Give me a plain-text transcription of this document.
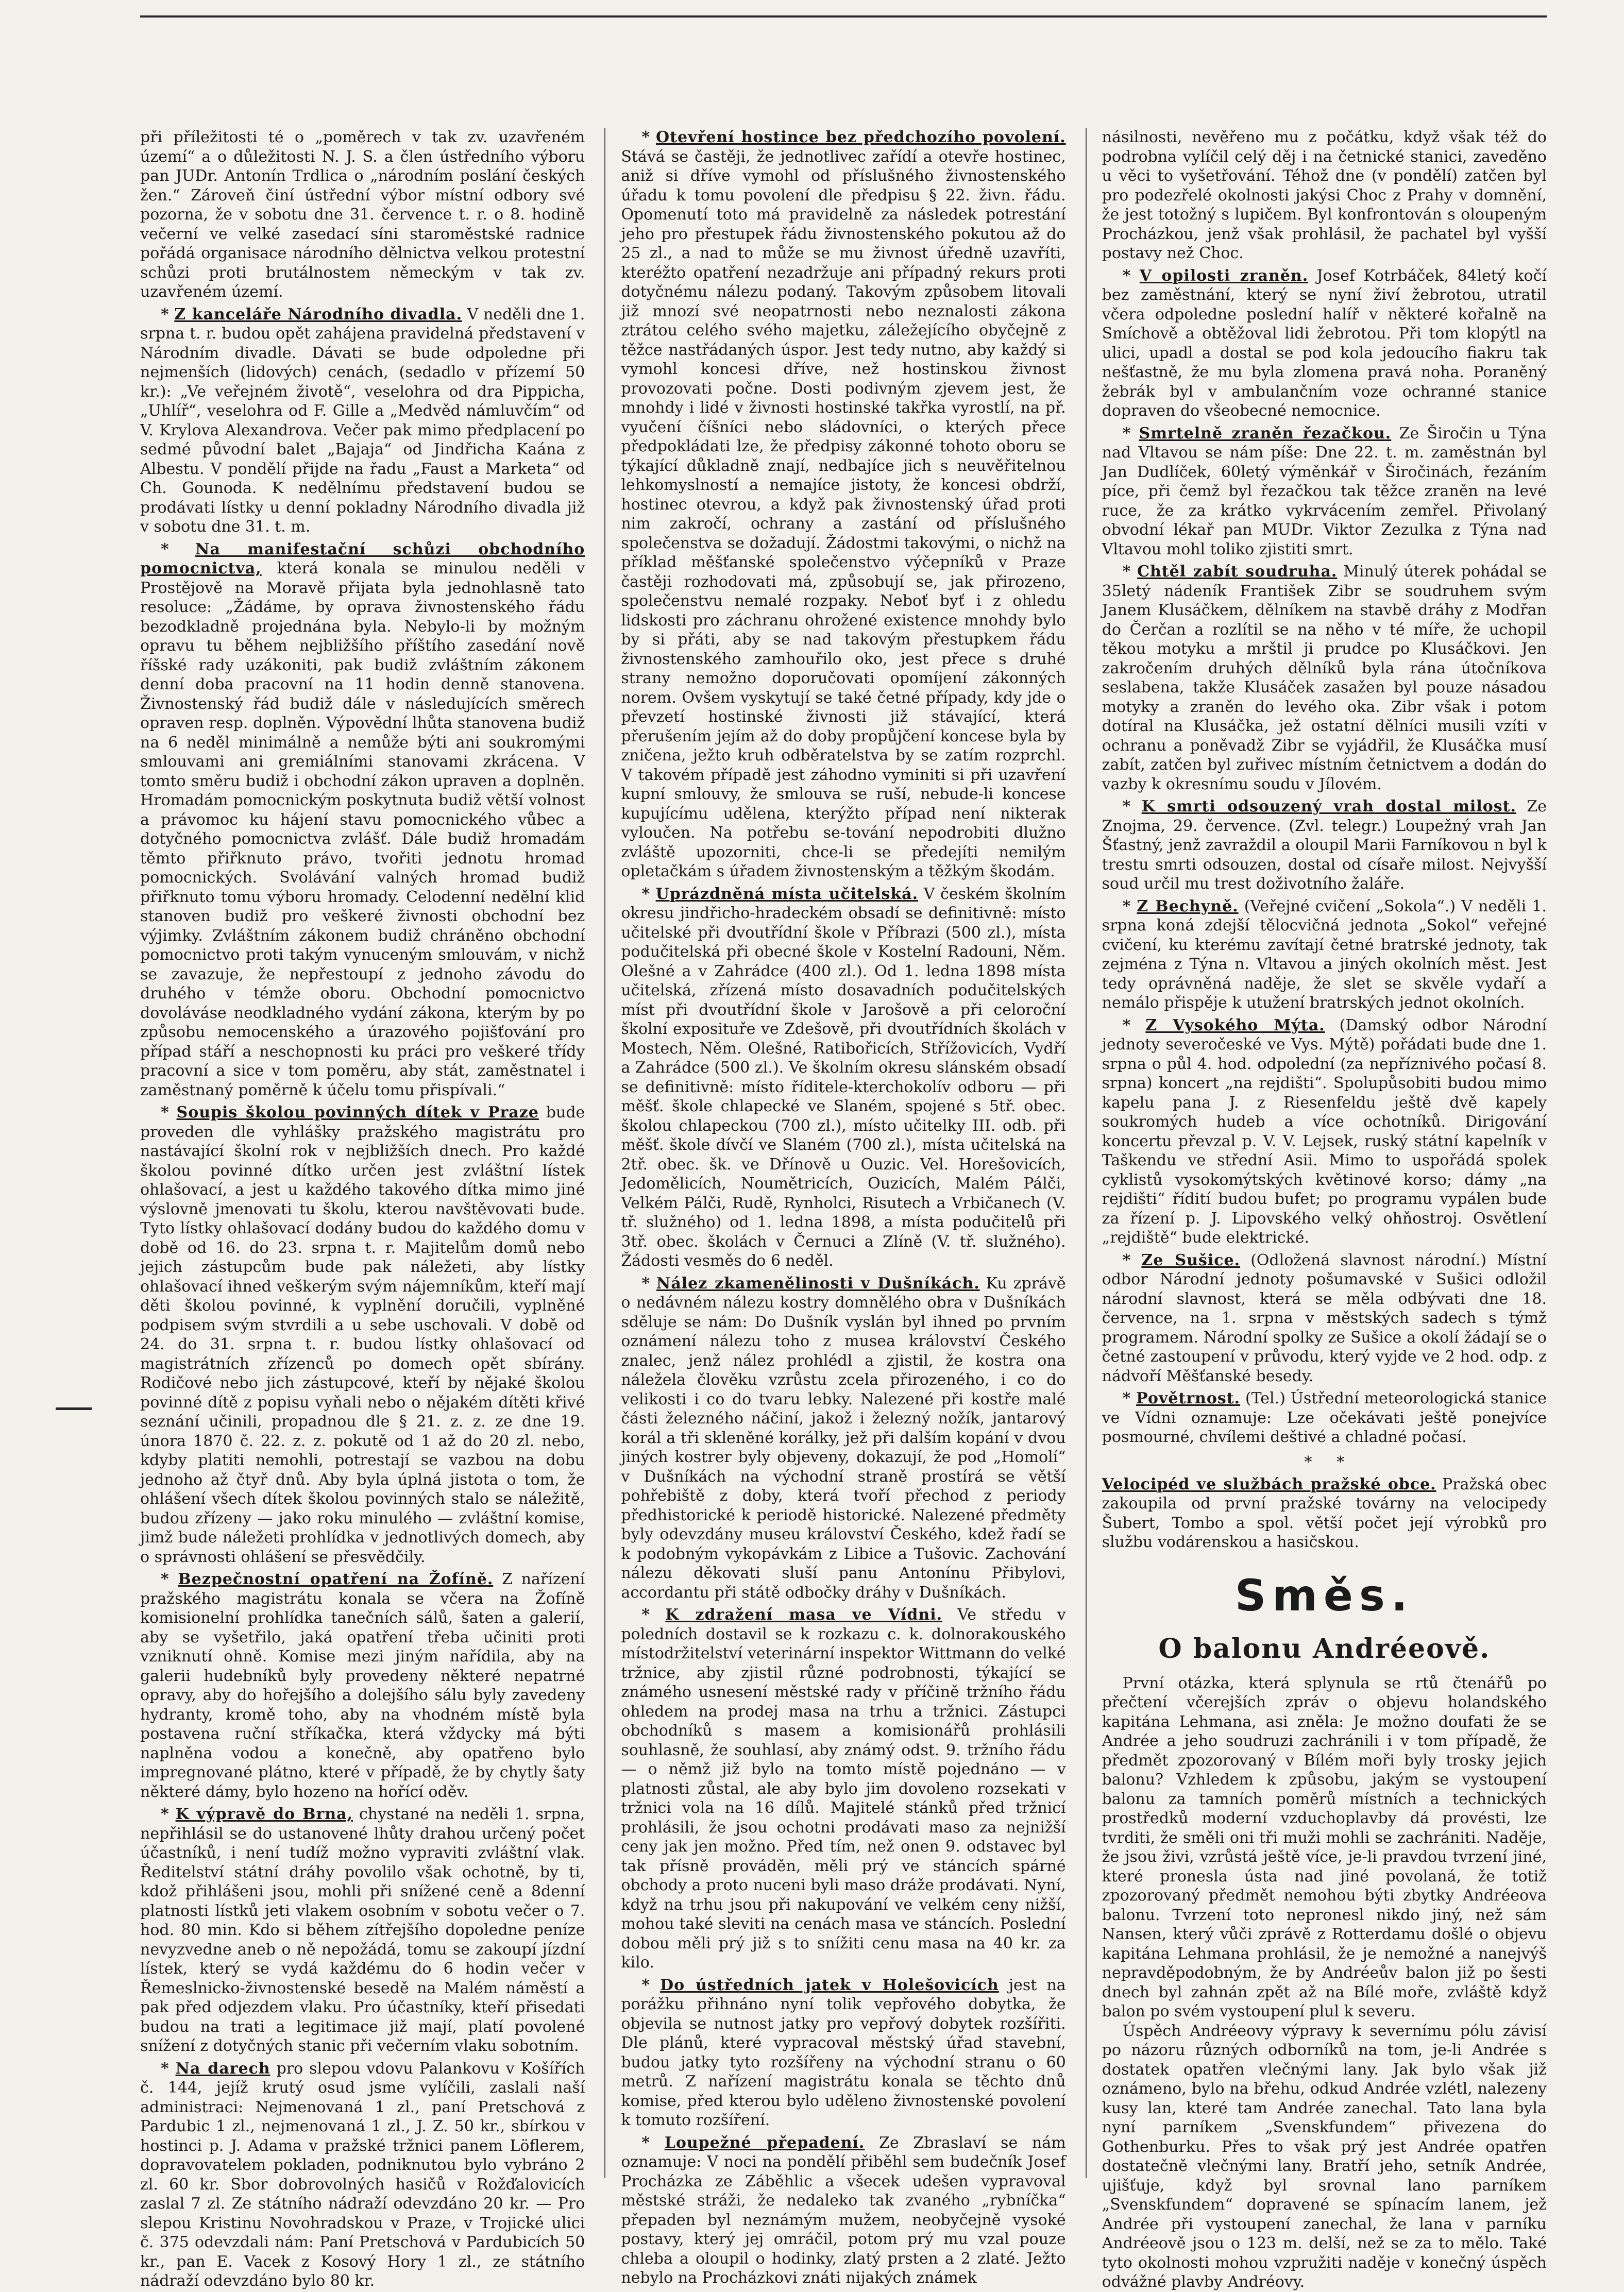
při příležitosti té o „poměrech v tak zv. uzavřeném území“ a o důležitosti N. J. S. a člen ústředního výboru pan JUDr. Antonín Trdlica o „národním poslání českých žen.“ Zároveň činí ústřední výbor místní odbory své pozorna, že v sobotu dne 31. července t. r. o 8. hodině večerní ve velké zasedací síni staroměstské radnice pořádá organisace národního dělnictva velkou protestní schůzi proti brutálnostem německým v tak zv. uzavřeném území.

* Z kanceláře Národního divadla. V neděli dne 1. srpna t. r. budou opět zahájena pravidelná představení v Národním divadle. Dávati se bude odpoledne při nejmenších (lidových) cenách, (sedadlo v přízemí 50 kr.): „Ve veřejném životě“, veselohra od dra Pippicha, „Uhlíř“, veselohra od F. Gille a „Medvěd námluvčím“ od V. Krylova Alexandrova. Večer pak mimo předplacení po sedmé původní balet „Bajaja“ od Jindřicha Kaána z Albestu. V pondělí přijde na řadu „Faust a Marketa“ od Ch. Gounoda. K nedělnímu představení budou se prodávati lístky u denní pokladny Národního divadla již v sobotu dne 31. t. m.

* Na manifestační schůzi obchodního pomocnictva, která konala se minulou neděli v Prostějově na Moravě přijata byla jednohlasně tato resoluce: „Žádáme, by oprava živnostenského řádu bezodkladně projednána byla. Nebylo-li by možným opravu tu během nejbližšího příštího zasedání nově říšské rady uzákoniti, pak budiž zvláštním zákonem denní doba pracovní na 11 hodin denně stanovena. Živnostenský řád budiž dále v následujících směrech opraven resp. doplněn. Výpovědní lhůta stanovena budiž na 6 neděl minimálně a nemůže býti ani soukromými smlouvami ani gremiálními stanovami zkrácena. V tomto směru budiž i obchodní zákon upraven a doplněn. Hromadám pomocnickým poskytnuta budiž větší volnost a právomoc ku hájení stavu pomocnického vůbec a dotyčného pomocnictva zvlášť. Dále budiž hromadám těmto přiřknuto právo, tvořiti jednotu hromad pomocnických. Svolávání valných hromad budiž přiřknuto tomu výboru hromady. Celodenní nedělní klid stanoven budiž pro veškeré živnosti obchodní bez výjimky. Zvláštním zákonem budiž chráněno obchodní pomocnictvo proti takým vynuceným smlouvám, v nichž se zavazuje, že nepřestoupí z jednoho závodu do druhého v témže oboru. Obchodní pomocnictvo dovoláváse neodkladného vydání zákona, kterým by po způsobu nemocenského a úrazového pojišťování pro případ stáří a neschopnosti ku práci pro veškeré třídy pracovní a sice v tom poměru, aby stát, zaměstnatel i zaměstnaný poměrně k účelu tomu přispívali.“

* Soupis školou povinných dítek v Praze bude proveden dle vyhlášky pražského magistrátu pro nastávající školní rok v nejbližších dnech. Pro každé školou povinné dítko určen jest zvláštní lístek ohlašovací, a jest u každého takového dítka mimo jiné výslovně jmenovati tu školu, kterou navštěvovati bude. Tyto lístky ohlašovací dodány budou do každého domu v době od 16. do 23. srpna t. r. Majitelům domů nebo jejich zástupcům bude pak náležeti, aby lístky ohlašovací ihned veškerým svým nájemníkům, kteří mají děti školou povinné, k vyplnění doručili, vyplněné podpisem svým stvrdili a u sebe uschovali. V době od 24. do 31. srpna t. r. budou lístky ohlašovací od magistrátních zřízenců po domech opět sbírány. Rodičové nebo jich zástupcové, kteří by nějaké školou povinné dítě z popisu vyňali nebo o nějakém dítěti křivé seznání učinili, propadnou dle § 21. z. z. ze dne 19. února 1870 č. 22. z. z. pokutě od 1 až do 20 zl. nebo, kdyby platiti nemohli, potrestají se vazbou na dobu jednoho až čtyř dnů. Aby byla úplná jistota o tom, že ohlášení všech dítek školou povinných stalo se náležitě, budou zřízeny — jako roku minulého — zvláštní komise, jimž bude náležeti prohlídka v jednotlivých domech, aby o správnosti ohlášení se přesvědčily.

* Bezpečnostní opatření na Žofíně. Z nařízení pražského magistrátu konala se včera na Žofíně komisionelní prohlídka tanečních sálů, šaten a galerií, aby se vyšetřilo, jaká opatření třeba učiniti proti vzniknutí ohně. Komise mezi jiným nařídila, aby na galerii hudebníků byly provedeny některé nepatrné opravy, aby do hořejšího a dolejšího sálu byly zavedeny hydranty, kromě toho, aby na vhodném místě byla postavena ruční stříkačka, která vždycky má býti naplněna vodou a konečně, aby opatřeno bylo impregnované plátno, které v případě, že by chytly šaty některé dámy, bylo hozeno na hořící oděv.

* K výpravě do Brna, chystané na neděli 1. srpna, nepřihlásil se do ustanovené lhůty drahou určený počet účastníků, i není tudíž možno vypraviti zvláštní vlak. Ředitelství státní dráhy povolilo však ochotně, by ti, kdož přihlášeni jsou, mohli při snížené ceně a 8denní platnosti lístků jeti vlakem osobním v sobotu večer o 7. hod. 80 min. Kdo si během zítřejšího dopoledne peníze nevyzvedne aneb o ně nepožádá, tomu se zakoupí jízdní lístek, který se vydá každému do 6 hodin večer v Řemeslnicko-živnostenské besedě na Malém náměstí a pak před odjezdem vlaku. Pro účastníky, kteří přisedati budou na trati a legitimace již mají, platí povolené snížení z dotyčných stanic při večerním vlaku sobotním.

* Na darech pro slepou vdovu Palankovu v Košířích č. 144, jejíž krutý osud jsme vylíčili, zaslali naší administraci: Nejmenovaná 1 zl., paní Pretschová z Pardubic 1 zl., nejmenovaná 1 zl., J. Z. 50 kr., sbírkou v hostinci p. J. Adama v pražské tržnici panem Löflerem, dopravovatelem pokladen, podniknutou bylo vybráno 2 zl. 60 kr. Sbor dobrovolných hasičů v Rožďalovicích zaslal 7 zl. Ze státního nádraží odevzdáno 20 kr. — Pro slepou Kristinu Novohradskou v Praze, v Trojické ulici č. 375 odevzdali nám: Paní Pretschová v Pardubicích 50 kr., pan E. Vacek z Kosový Hory 1 zl., ze státního nádraží odevzdáno bylo 80 kr.

* Otevření hostince bez předchozího povolení. Stává se častěji, že jednotlivec zařídí a otevře hostinec, aniž si dříve vymohl od příslušného živnostenského úřadu k tomu povolení dle předpisu § 22. živn. řádu. Opomenutí toto má pravidelně za následek potrestání jeho pro přestupek řádu živnostenského pokutou až do 25 zl., a nad to může se mu živnost úředně uzavříti, kteréžto opatření nezadržuje ani případný rekurs proti dotyčnému nálezu podaný. Takovým způsobem litovali již mnozí své neopatrnosti nebo neznalosti zákona ztrátou celého svého majetku, záležejícího obyčejně z těžce nastřádaných úspor. Jest tedy nutno, aby každý si vymohl koncesi dříve, než hostinskou živnost provozovati počne. Dosti podivným zjevem jest, že mnohdy i lidé v živnosti hostinské takřka vyrostlí, na př. vyučení číšníci nebo sládovníci, o kterých přece předpokládati lze, že předpisy zákonné tohoto oboru se týkající důkladně znají, nedbajíce jich s neuvěřitelnou lehkomyslností a nemajíce jistoty, že koncesi obdrží, hostinec otevrou, a když pak živnostenský úřad proti nim zakročí, ochrany a zastání od příslušného společenstva se dožadují. Žádostmi takovými, o nichž na příklad měšťanské společenstvo výčepníků v Praze častěji rozhodovati má, způsobují se, jak přirozeno, společenstvu nemalé rozpaky. Neboť byť i z ohledu lidskosti pro záchranu ohrožené existence mnohdy bylo by si přáti, aby se nad takovým přestupkem řádu živnostenského zamhouřilo oko, jest přece s druhé strany nemožno doporučovati opomíjení zákonných norem. Ovšem vyskytují se také četné případy, kdy jde o převzetí hostinské živnosti již stávající, která přerušením jejím až do doby propůjčení koncese byla by zničena, ježto kruh odběratelstva by se zatím rozprchl. V takovém případě jest záhodno vyminiti si při uzavření kupní smlouvy, že smlouva se ruší, nebude-li koncese kupujícímu udělena, kterýžto případ není nikterak vyloučen. Na potřebu se-tování nepodrobiti dlužno zvláště upozorniti, chce-li se předejíti nemilým opletačkám s úřadem živnostenským a těžkým škodám.

* Uprázdněná místa učitelská. V českém školním okresu jindřicho-hradeckém obsadí se definitivně: místo učitelské při dvoutřídní škole v Příbrazi (500 zl.), místa podučitelská při obecné škole v Kostelní Radouni, Něm. Olešné a v Zahrádce (400 zl.). Od 1. ledna 1898 místa učitelská, zřízená místo dosavadních podučitelských míst při dvoutřídní škole v Jarošově a při celoroční školní exposituře ve Zdešově, při dvoutřídních školách v Mostech, Něm. Olešné, Ratibořicích, Střížovicích, Vydří a Zahrádce (500 zl.). Ve školním okresu slánském obsadí se definitivně: místo říditele-kterchokolív odboru — při měšť. škole chlapecké ve Slaném, spojené s 5tř. obec. školou chlapeckou (700 zl.), místo učitelky III. odb. při měšť. škole dívčí ve Slaném (700 zl.), místa učitelská na 2tř. obec. šk. ve Dřínově u Ouzic. Vel. Horešovicích, Jedomělicích, Noumětricích, Ouzicích, Malém Pálči, Velkém Pálči, Rudě, Rynholci, Risutech a Vrbičanech (V. tř. služného) od 1. ledna 1898, a místa podučitelů při 3tř. obec. školách v Černuci a Zlíně (V. tř. služného). Žádosti vesměs do 6 neděl.

* Nález zkamenělinosti v Dušníkách. Ku zprávě o nedávném nálezu kostry domnělého obra v Dušníkách sděluje se nám: Do Dušník vyslán byl ihned po prvním oznámení nálezu toho z musea království Českého znalec, jenž nález prohlédl a zjistil, že kostra ona náležela člověku vzrůstu zcela přirozeného, i co do velikosti i co do tvaru lebky. Nalezené při kostře malé části železného náčiní, jakož i železný nožík, jantarový korál a tři skleněné korálky, jež při dalším kopání v dvou jiných kostrer byly objeveny, dokazují, že pod „Homolí“ v Dušníkách na východní straně prostírá se větší pohřebiště z doby, která tvoří přechod z periody předhistorické k periodě historické. Nalezené předměty byly odevzdány museu království Českého, kdež řadí se k podobným vykopávkám z Libice a Tušovic. Zachování nálezu děkovati sluší panu Antonínu Přibylovi, accordantu při státě odbočky dráhy v Dušníkách.

* K zdražení masa ve Vídni. Ve středu v poledních dostavil se k rozkazu c. k. dolnorakouského místodržitelství veterinární inspektor Wittmann do velké tržnice, aby zjistil různé podrobnosti, týkající se známého usnesení městské rady v příčině tržního řádu ohledem na prodej masa na trhu a tržnici. Zástupci obchodníků s masem a komisionářů prohlásili souhlasně, že souhlasí, aby známý odst. 9. tržního řádu — o němž již bylo na tomto místě pojednáno — v platnosti zůstal, ale aby bylo jim dovoleno rozsekati v tržnici vola na 16 dílů. Majitelé stánků před tržnicí prohlásili, že jsou ochotni prodávati maso za nejnižší ceny jak jen možno. Před tím, než onen 9. odstavec byl tak přísně prováděn, měli prý ve stáncích spárné obchody a proto nuceni byli maso dráže prodávati. Nyní, když na trhu jsou při nakupování ve velkém ceny nižší, mohou také sleviti na cenách masa ve stáncích. Poslední dobou měli prý již s to snížiti cenu masa na 40 kr. za kilo.

* Do ústředních jatek v Holešovicích jest na porážku přihnáno nyní tolik vepřového dobytka, že objevila se nutnost jatky pro vepřový dobytek rozšířiti. Dle plánů, které vypracoval městský úřad stavební, budou jatky tyto rozšířeny na východní stranu o 60 metrů. Z nařízení magistrátu konala se těchto dnů komise, před kterou bylo uděleno živnostenské povolení k tomuto rozšíření.

* Loupežné přepadení. Ze Zbraslaví se nám oznamuje: V noci na pondělí přiběhl sem budečník Josef Procházka ze Záběhlic a všecek udešen vypravoval městské stráži, že nedaleko tak zvaného „rybníčka“ přepaden byl neznámým mužem, neobyčejně vysoké postavy, který jej omráčil, potom prý mu vzal pouze chleba a oloupil o hodinky, zlatý prsten a 2 zlaté. Ježto nebylo na Procházkovi znáti nijakých známek

násilnosti, nevěřeno mu z počátku, když však též do podrobna vylíčil celý děj i na četnické stanici, zaveděno u věci to vyšetřování. Téhož dne (v pondělí) zatčen byl pro podezřelé okolnosti jakýsi Choc z Prahy v domnění, že jest totožný s lupičem. Byl konfrontován s oloupeným Procházkou, jenž však prohlásil, že pachatel byl vyšší postavy než Choc.

* V opilosti zraněn. Josef Kotrbáček, 84letý kočí bez zaměstnání, který se nyní živí žebrotou, utratil včera odpoledne poslední halíř v některé kořalně na Smíchově a obtěžoval lidi žebrotou. Při tom klopýtl na ulici, upadl a dostal se pod kola jedoucího fiakru tak nešťastně, že mu byla zlomena pravá noha. Poraněný žebrák byl v ambulančním voze ochranné stanice dopraven do všeobecné nemocnice.

* Smrtelně zraněn řezačkou. Ze Širočin u Týna nad Vltavou se nám píše: Dne 22. t. m. zaměstnán byl Jan Dudlíček, 60letý výměnkář v Širočinách, řezáním píce, při čemž byl řezačkou tak těžce zraněn na levé ruce, že za krátko vykrvácením zemřel. Přivolaný obvodní lékař pan MUDr. Viktor Zezulka z Týna nad Vltavou mohl toliko zjistiti smrt.

* Chtěl zabít soudruha. Minulý úterek pohádal se 35letý nádeník František Zibr se soudruhem svým Janem Klusáčkem, dělníkem na stavbě dráhy z Modřan do Čerčan a rozlítil se na něho v té míře, že uchopil těkou motyku a mrštil ji prudce po Klusáčkovi. Jen zakročením druhých dělníků byla rána útočníkova seslabena, takže Klusáček zasažen byl pouze násadou motyky a zraněn do levého oka. Zibr však i potom dotíral na Klusáčka, jež ostatní dělníci musili vzíti v ochranu a poněvadž Zibr se vyjádřil, že Klusáčka musí zabít, zatčen byl zuřivec místním četnictvem a dodán do vazby k okresnímu soudu v Jílovém.

* K smrti odsouzený vrah dostal milost. Ze Znojma, 29. července. (Zvl. telegr.) Loupežný vrah Jan Šťastný, jenž zavraždil a oloupil Marii Farníkovou n byl k trestu smrti odsouzen, dostal od císaře milost. Nejvyšší soud určil mu trest doživotního žaláře.

* Z Bechyně. (Veřejné cvičení „Sokola“.) V neděli 1. srpna koná zdejší tělocvičná jednota „Sokol“ veřejné cvičení, ku kterému zavítají četné bratrské jednoty, tak zejména z Týna n. Vltavou a jiných okolních měst. Jest tedy oprávněná naděje, že slet se skvěle vydaří a nemálo přispěje k utužení bratrských jednot okolních.

* Z Vysokého Mýta. (Damský odbor Národní jednoty severočeské ve Vys. Mýtě) pořádati bude dne 1. srpna o půl 4. hod. odpolední (za nepříznivého počasí 8. srpna) koncert „na rejdišti“. Spolupůsobiti budou mimo kapelu pana J. z Riesenfeldu ještě dvě kapely soukromých hudeb a více ochotníků. Dirigování koncertu převzal p. V. V. Lejsek, ruský státní kapelník v Taškendu ve střední Asii. Mimo to uspořádá spolek cyklistů vysokomýtských květinové korso; dámy „na rejdišti“ řídití budou bufet; po programu vypálen bude za řízení p. J. Lipovského velký ohňostroj. Osvětlení „rejdiště“ bude elektrické.

* Ze Sušice. (Odložená slavnost národní.) Místní odbor Národní jednoty pošumavské v Sušici odložil národní slavnost, která se měla odbývati dne 18. července, na 1. srpna v městských sadech s týmž programem. Národní spolky ze Sušice a okolí žádají se o četné zastoupení v průvodu, který vyjde ve 2 hod. odp. z nádvoří Měšťanské besedy.

* Povětrnost. (Tel.) Ústřední meteorologická stanice ve Vídni oznamuje: Lze očekávati ještě ponejvíce posmourné, chvílemi deštivé a chladné počasí.

*     *

Velocipéd ve službách pražské obce. Pražská obec zakoupila od první pražské továrny na velocipedy Šubert, Tombo a spol. větší počet její výrobků pro službu vodárenskou a hasičskou.

Směs.
O balonu Andréeově.

První otázka, která splynula se rtů čtenářů po přečtení včerejších zpráv o objevu holandského kapitána Lehmana, asi zněla: Je možno doufati že se Andrée a jeho soudruzi zachránili i v tom případě, že předmět zpozorovaný v Bílém moři byly trosky jejich balonu? Vzhledem k způsobu, jakým se vystoupení balonu za tamních poměrů místních a technických prostředků moderní vzduchoplavby dá provésti, lze tvrditi, že směli oni tři muži mohli se zachrániti. Naděje, že jsou živi, vzrůstá ještě více, je-li pravdou tvrzení jiné, které pronesla ústa nad jiné povolaná, že totiž zpozorovaný předmět nemohou býti zbytky Andréeova balonu. Tvrzení toto nepronesl nikdo jiný, než sám Nansen, který vůči zprávě z Rotterdamu došlé o objevu kapitána Lehmana prohlásil, že je nemožné a nanejvýš nepravděpodobným, že by Andréeův balon již po šesti dnech byl zahnán zpět až na Bílé moře, zvláště když balon po svém vystoupení plul k severu.

Úspěch Andréeovy výpravy k severnímu pólu závisí po názoru různých odborníků na tom, je-li Andrée s dostatek opatřen vlečnými lany. Jak bylo však již oznámeno, bylo na břehu, odkud Andrée vzlétl, nalezeny kusy lan, které tam Andrée zanechal. Tato lana byla nyní parníkem „Svenskfundem“ přivezena do Gothenburku. Přes to však prý jest Andrée opatřen dostatečně vlečnými lany. Bratří jeho, setník Andrée, ujišťuje, když byl srovnal lano parníkem „Svenskfundem“ dopravené se spínacím lanem, jež Andrée při vystoupení zanechal, že lana v parníku Andréeově jsou o 123 m. delší, než se za to mělo. Také tyto okolnosti mohou vzpružiti naděje v konečný úspěch odvážné plavby Andréovy.
